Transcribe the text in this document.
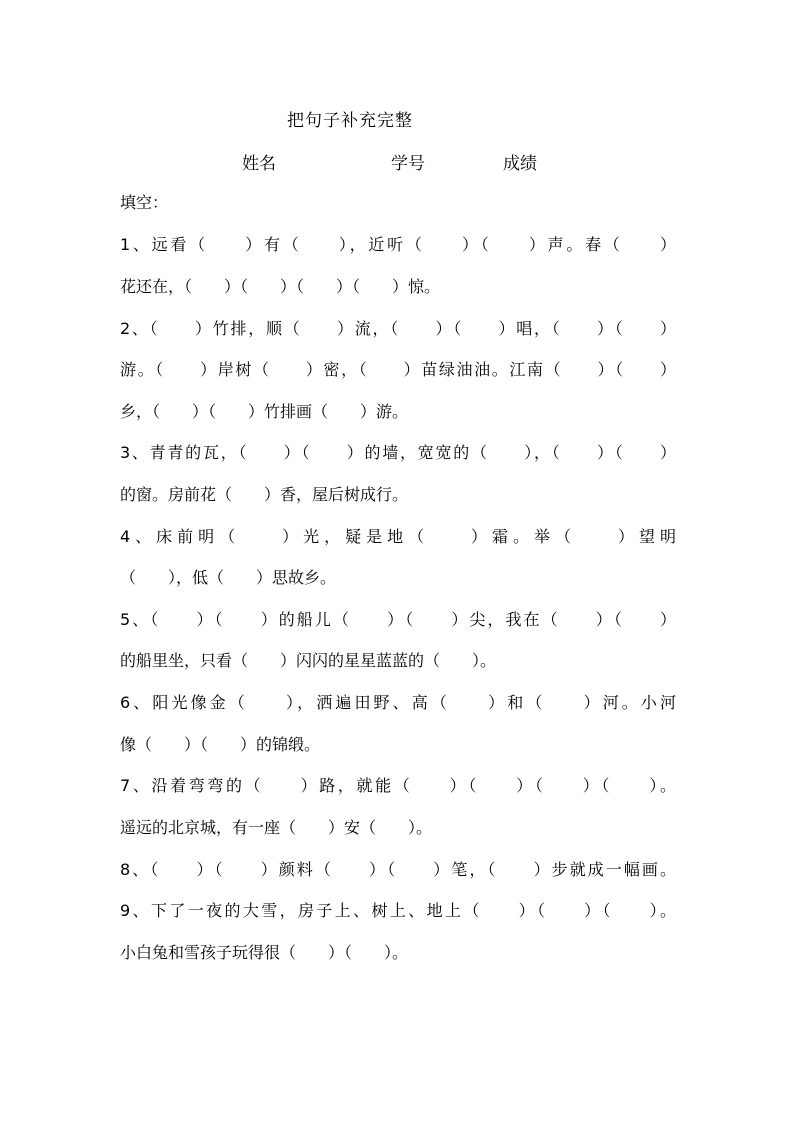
把句子补充完整
姓名	学号	成绩
填空：
1、远看（　　）有（　　），近听（　　）（　　）声。春（　　）
花还在，（　　）（　　）（　　）（　　）惊。
2、（　　）竹排，顺（　　）流，（　　）（　　）唱，（　　）（　　）
游。（　　）岸树（　　）密，（　　）苗绿油油。江南（　　）（　　）
乡，（　　）（　　）竹排画（　　）游。
3、青青的瓦，（　　）（　　）的墙，宽宽的（　　），（　　）（　　）
的窗。房前花（　　）香，屋后树成行。
4、床前明（　　）光，疑是地（　　）霜。举（　　）望明
（　　），低（　　）思故乡。
5、（　　）（　　）的船儿（　　）（　　）尖，我在（　　）（　　）
的船里坐，只看（　　）闪闪的星星蓝蓝的（　　）。
6、阳光像金（　　），洒遍田野、高（　　）和（　　）河。小河
像（　　）（　　）的锦缎。
7、沿着弯弯的（　　）路，就能（　　）（　　）（　　）（　　）。
遥远的北京城，有一座（　　）安（　　）。
8、（　　）（　　）颜料（　　）（　　）笔，（　　）步就成一幅画。
9、下了一夜的大雪，房子上、树上、地上（　　）（　　）（　　）。
小白兔和雪孩子玩得很（　　）（　　）。
